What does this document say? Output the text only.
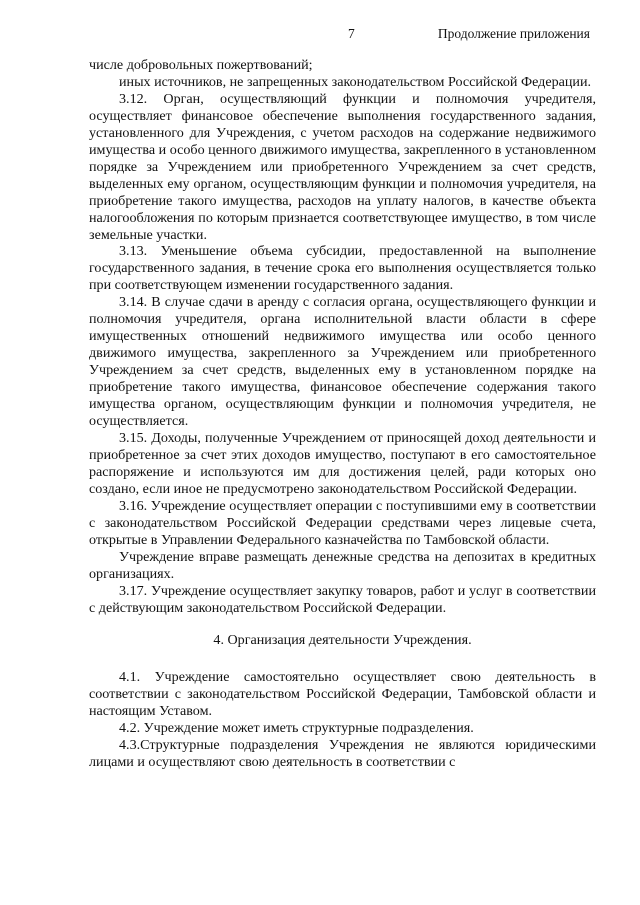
7	Продолжение приложения

числе добровольных пожертвований;

иных источников, не запрещенных законодательством Российской Федерации.

3.12. Орган, осуществляющий функции и полномочия учредителя, осуществляет финансовое обеспечение выполнения государственного задания, установленного для Учреждения, с учетом расходов на содержание недвижимого имущества и особо ценного движимого имущества, закрепленного в установленном порядке за Учреждением или приобретенного Учреждением за счет средств, выделенных ему органом, осуществляющим функции и полномочия учредителя, на приобретение такого имущества, расходов на уплату налогов, в качестве объекта налогообложения по которым признается соответствующее имущество, в том числе земельные участки.

3.13. Уменьшение объема субсидии, предоставленной на выполнение государственного задания, в течение срока его выполнения осуществляется только при соответствующем изменении государственного задания.

3.14. В случае сдачи в аренду с согласия органа, осуществляющего функции и полномочия учредителя, органа исполнительной власти области в сфере имущественных отношений недвижимого имущества или особо ценного движимого имущества, закрепленного за Учреждением или приобретенного Учреждением за счет средств, выделенных ему в установленном порядке на приобретение такого имущества, финансовое обеспечение содержания такого имущества органом, осуществляющим функции и полномочия учредителя, не осуществляется.

3.15. Доходы, полученные Учреждением от приносящей доход деятельности и приобретенное за счет этих доходов имущество, поступают в его самостоятельное распоряжение и используются им для достижения целей, ради которых оно создано, если иное не предусмотрено законодательством Российской Федерации.

3.16. Учреждение осуществляет операции с поступившими ему в соответствии с законодательством Российской Федерации средствами через лицевые счета, открытые в Управлении Федерального казначейства по Тамбовской области.

Учреждение вправе размещать денежные средства на депозитах в кредитных организациях.

3.17. Учреждение осуществляет закупку товаров, работ и услуг в соответствии с действующим законодательством Российской Федерации.

4. Организация деятельности Учреждения.

4.1. Учреждение самостоятельно осуществляет свою деятельность в соответствии с законодательством Российской Федерации, Тамбовской области и настоящим Уставом.

4.2. Учреждение может иметь структурные подразделения.

4.3.Структурные подразделения Учреждения не являются юридическими лицами и осуществляют свою деятельность в соответствии с
